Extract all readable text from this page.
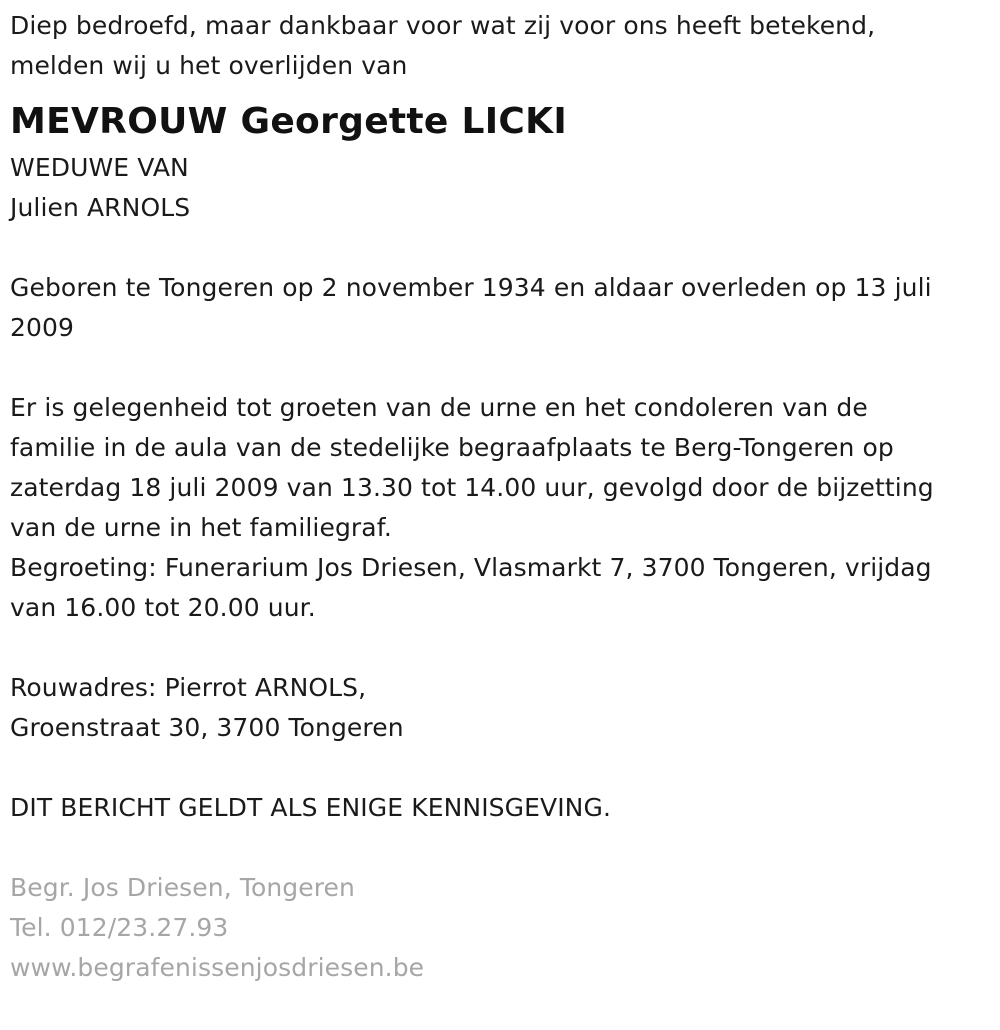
Diep bedroefd, maar dankbaar voor wat zij voor ons heeft betekend,
melden wij u het overlijden van
MEVROUW Georgette LICKI
WEDUWE VAN
Julien ARNOLS
Geboren te Tongeren op 2 november 1934 en aldaar overleden op 13 juli
2009
Er is gelegenheid tot groeten van de urne en het condoleren van de
familie in de aula van de stedelijke begraafplaats te Berg-Tongeren op
zaterdag 18 juli 2009 van 13.30 tot 14.00 uur, gevolgd door de bijzetting
van de urne in het familiegraf.
Begroeting: Funerarium Jos Driesen, Vlasmarkt 7, 3700 Tongeren, vrijdag
van 16.00 tot 20.00 uur.
Rouwadres: Pierrot ARNOLS,
Groenstraat 30, 3700 Tongeren
DIT BERICHT GELDT ALS ENIGE KENNISGEVING.
Begr. Jos Driesen, Tongeren
Tel. 012/23.27.93
www.begrafenissenjosdriesen.be
